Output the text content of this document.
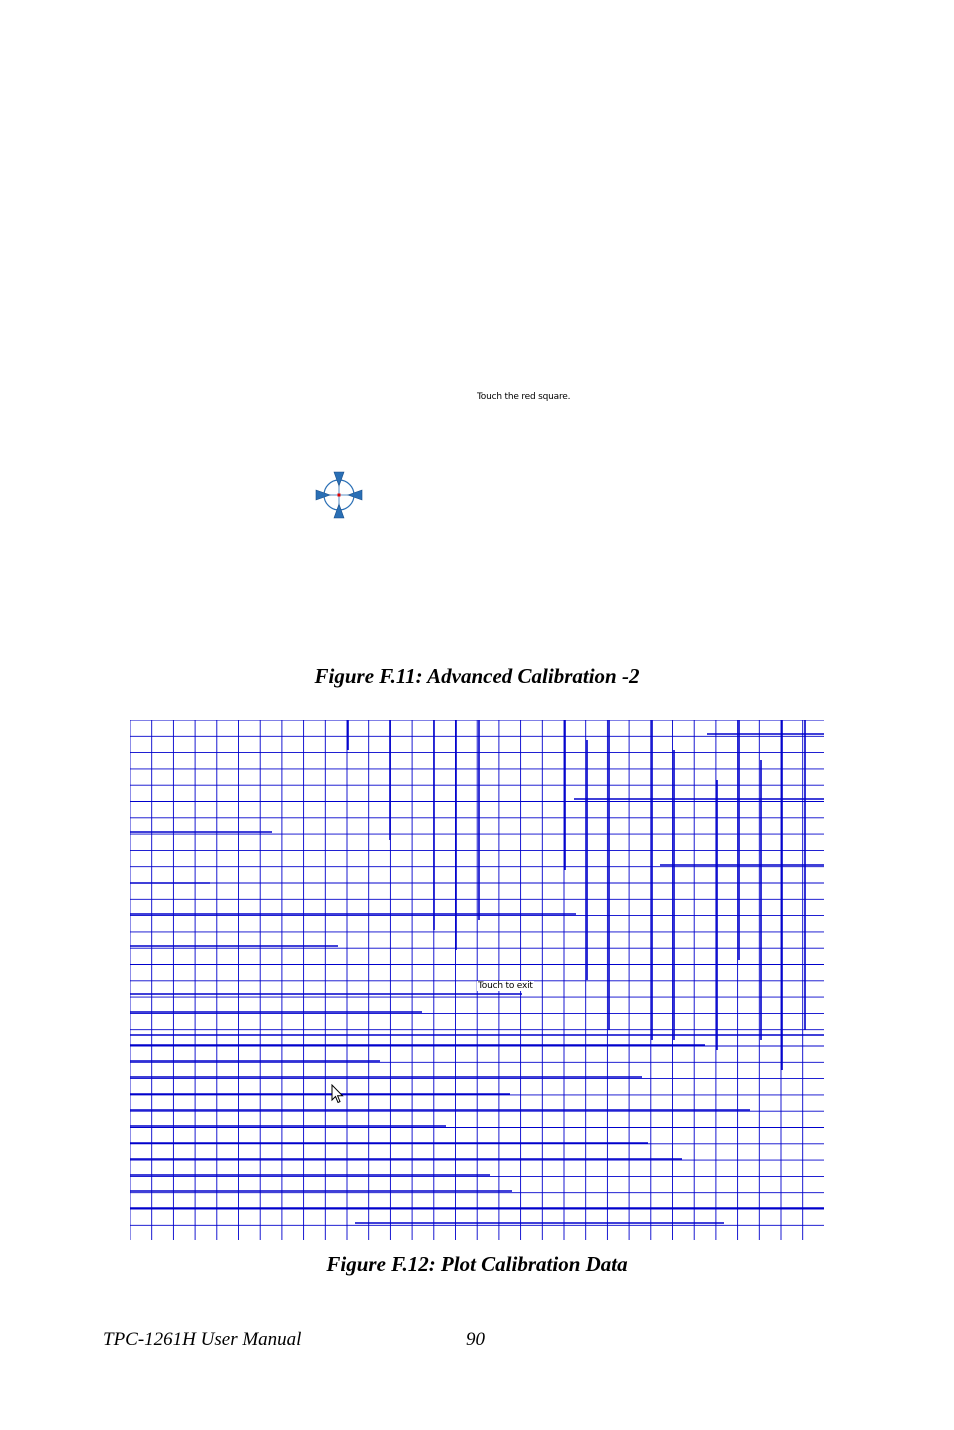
Touch the red square.
Figure F.11: Advanced Calibration -2
Touch to exit
Figure F.12: Plot Calibration Data
TPC-1261H User Manual	90
